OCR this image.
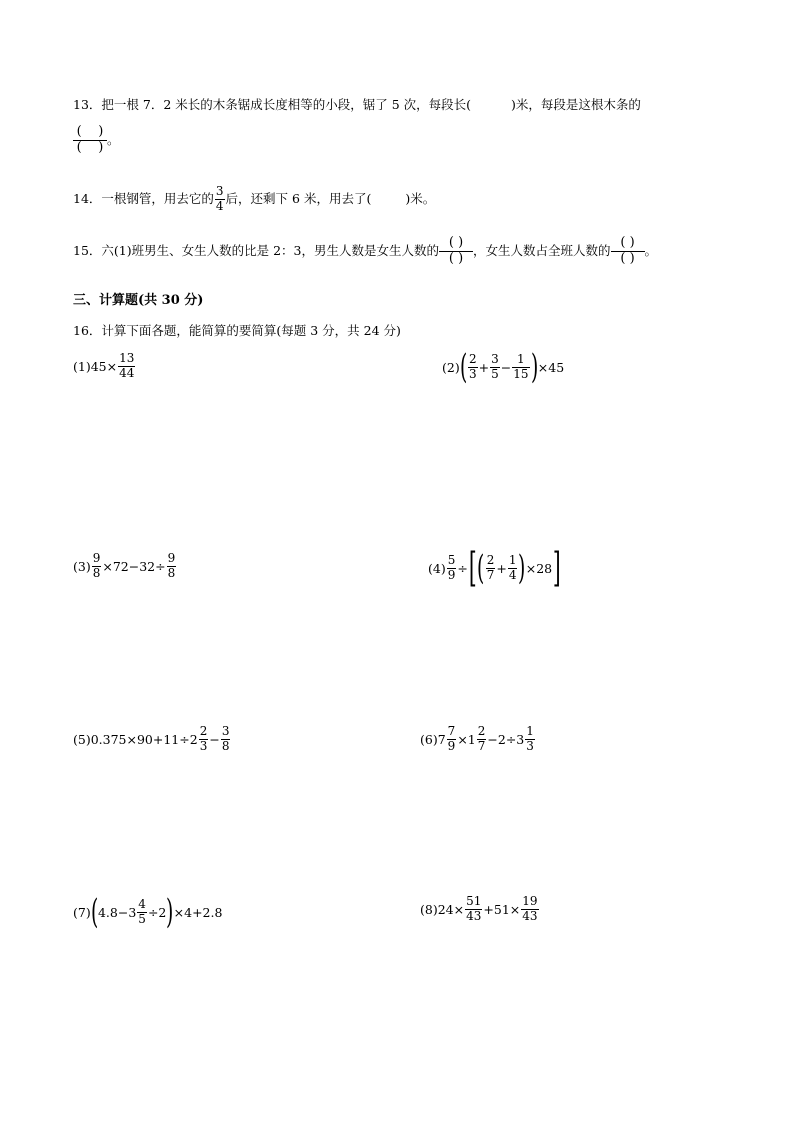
13．把一根 7．2 米长的木条锯成长度相等的小段，锯了 5 次，每段长(	)米，每段是这根木条的
( )
( )
。
14．一根钢管，用去它的 $\frac{3}{4}$ 后，还剩下 6 米，用去了(	)米。
15．六(1)班男生、女生人数的比是 2：3，男生人数是女生人数的
( )
( )
，女生人数占全班人数的
( )
( )
。
三、计算题(共 30 分)
16．计算下面各题，能简算的要简算(每题 3 分，共 24 分)
(1) $45 \times \frac{13}{44}$	(2) ( $\frac{2}{3} + \frac{3}{5} - \frac{1}{15}$ ) ×45
$(3) \frac{9}{8} \times 72-32\div \frac{9}{8}$	$(4) \frac{5}{9}$ ÷ [ ( $\frac{2}{7} + \frac{1}{4}$ ) ×28 ]
(5) $0.375\times 90+11\div 2 \frac{2}{3} - \frac{3}{8}$	(6) $7 \frac{7}{9} \times 1 \frac{2}{7} -2\div 3 \frac{1}{3}$
(7) ( $4.8- 3 \frac{4}{5} \div 2$ ) ×4+2.8	(8) $24\times \frac{51}{43} +51\times \frac{19}{43}$
